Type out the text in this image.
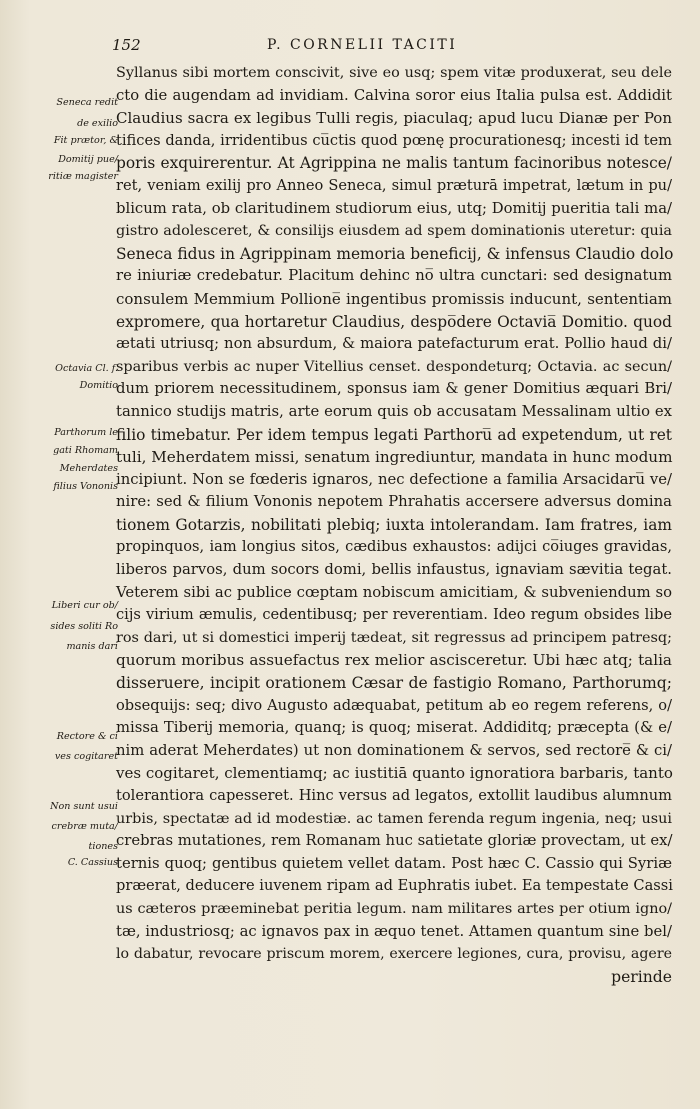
152	P. CORNELII TACITI
Seneca redit
de exilio
Fit prætor, &
Domitij pue/
ritiæ magister
Octavia Cl. f.
Domitio
Parthorum le
gati Rhomam
Meherdates
filius Vononis
Liberi cur ob/
sides soliti Ro
manis dari
Rectore & ci
ves cogitaret
Non sunt usui
crebræ muta/
tiones
C. Cassius
Syllanus sibi mortem conscivit, sive eo usq; spem vitæ produxerat, seu dele
cto die augendam ad invidiam. Calvina soror eius Italia pulsa est. Addidit
Claudius sacra ex legibus Tulli regis, piaculaq; apud lucu Dianæ per Pon
tifices danda, irridentibus cu̅ctis quod pœnę procurationesq; incesti id tem
poris exquirerentur. At Agrippina ne malis tantum facinoribus notesce/
ret, veniam exilij pro Anneo Seneca, simul præturā impetrat, lætum in pu/
blicum rata, ob claritudinem studiorum eius, utq; Domitij pueritia tali ma/
gistro adolesceret, & consilijs eiusdem ad spem dominationis uteretur: quia
Seneca fidus in Agrippinam memoria beneficij, & infensus Claudio dolo
re iniuriæ credebatur. Placitum dehinc no̅ ultra cunctari: sed designatum
consulem Memmium Pollione̅ ingentibus promissis inducunt, sententiam
expromere, qua hortaretur Claudius, despo̅dere Octavia̅ Domitio. quod
ætati utriusq; non absurdum, & maiora patefacturum erat. Pollio haud di/
sparibus verbis ac nuper Vitellius censet. despondeturq; Octavia. ac secun/
dum priorem necessitudinem, sponsus iam & gener Domitius æquari Bri/
tannico studijs matris, arte eorum quis ob accusatam Messalinam ultio ex
filio timebatur. Per idem tempus legati Parthoru̅ ad expetendum, ut ret
tuli, Meherdatem missi, senatum ingrediuntur, mandata in hunc modum
incipiunt. Non se fœderis ignaros, nec defectione a familia Arsacidaru̅ ve/
nire: sed & filium Vononis nepotem Phrahatis accersere adversus domina
tionem Gotarzis, nobilitati plebiq; iuxta intolerandam. Iam fratres, iam
propinquos, iam longius sitos, cædibus exhaustos: adijci co̅iuges gravidas,
liberos parvos, dum socors domi, bellis infaustus, ignaviam sævitia tegat.
Veterem sibi ac publice cœptam nobiscum amicitiam, & subveniendum so
cijs virium æmulis, cedentibusq; per reverentiam. Ideo regum obsides libe
ros dari, ut si domestici imperij tædeat, sit regressus ad principem patresq;
quorum moribus assuefactus rex melior asciscеretur. Ubi hæc atq; talia
disseruere, incipit orationem Cæsar de fastigio Romano, Parthorumq;
obsequijs: seq; divo Augusto adæquabat, petitum ab eo regem referens, o/
missa Tiberij memoria, quanq; is quoq; miserat. Addiditq; præcepta (& e/
nim aderat Meherdates) ut non dominationem & servos, sed rectore̅ & ci/
ves cogitaret, clementiamq; ac iustitiā quanto ignoratiora barbaris, tanto
tolerantiora capesseret. Hinc versus ad legatos, extollit laudibus alumnum
urbis, spectatæ ad id modestiæ. ac tamen ferenda regum ingenia, neq; usui
crebras mutationes, rem Romanam huc satietate gloriæ provectam, ut ex/
ternis quoq; gentibus quietem vellet datam. Post hæc C. Cassio qui Syriæ
præerat, deducere iuvenem ripam ad Euphratis iubet. Ea tempestate Cassi
us cæteros præeminebat peritia legum. nam militares artes per otium igno/
tæ, industriosq; ac ignavos pax in æquo tenet. Attamen quantum sine bel/
lo dabatur, revocare priscum morem, exercere legiones, cura, provisu, agere
perinde
